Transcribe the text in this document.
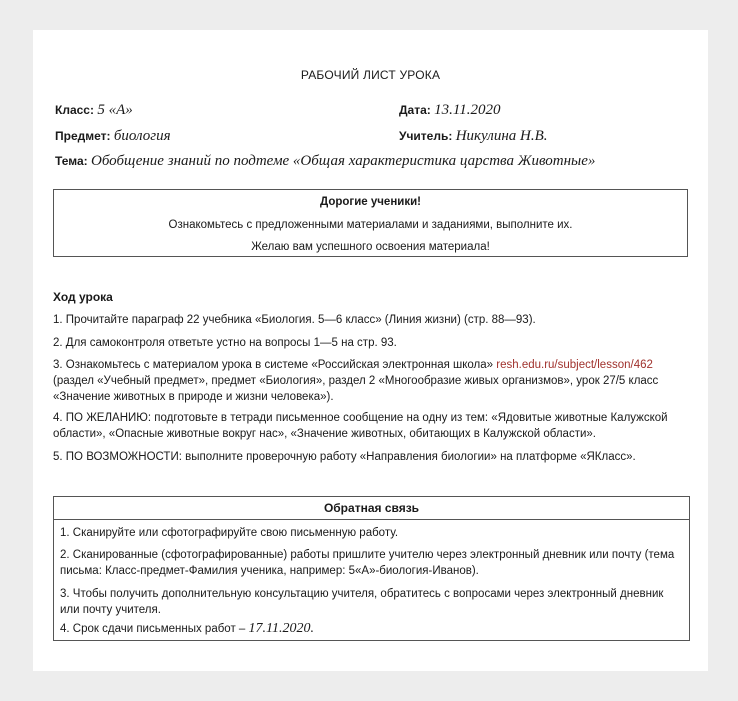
РАБОЧИЙ ЛИСТ УРОКА
Класс: 5 «А»	Дата: 13.11.2020
Предмет: биология	Учитель: Никулина Н.В.
Тема: Обобщение знаний по подтеме «Общая характеристика царства Животные»
Дорогие ученики!
Ознакомьтесь с предложенными материалами и заданиями, выполните их.
Желаю вам успешного освоения материала!
Ход урока
1. Прочитайте параграф 22 учебника «Биология. 5—6 класс» (Линия жизни) (стр. 88—93).
2. Для самоконтроля ответьте устно на вопросы 1—5 на стр. 93.
3. Ознакомьтесь с материалом урока в системе «Российская электронная школа» resh.edu.ru/subject/lesson/462 (раздел «Учебный предмет», предмет «Биология», раздел 2 «Многообразие живых организмов», урок 27/5 класс «Значение животных в природе и жизни человека»).
4. ПО ЖЕЛАНИЮ: подготовьте в тетради письменное сообщение на одну из тем: «Ядовитые животные Калужской области», «Опасные животные вокруг нас», «Значение животных, обитающих в Калужской области».
5. ПО ВОЗМОЖНОСТИ: выполните проверочную работу «Направления биологии» на платформе «ЯКласс».
Обратная связь
1. Сканируйте или сфотографируйте свою письменную работу.
2. Сканированные (сфотографированные) работы пришлите учителю через электронный дневник или почту (тема письма: Класс-предмет-Фамилия ученика, например: 5«А»-биология-Иванов).
3. Чтобы получить дополнительную консультацию учителя, обратитесь с вопросами через электронный дневник или почту учителя.
4. Срок сдачи письменных работ – 17.11.2020.
